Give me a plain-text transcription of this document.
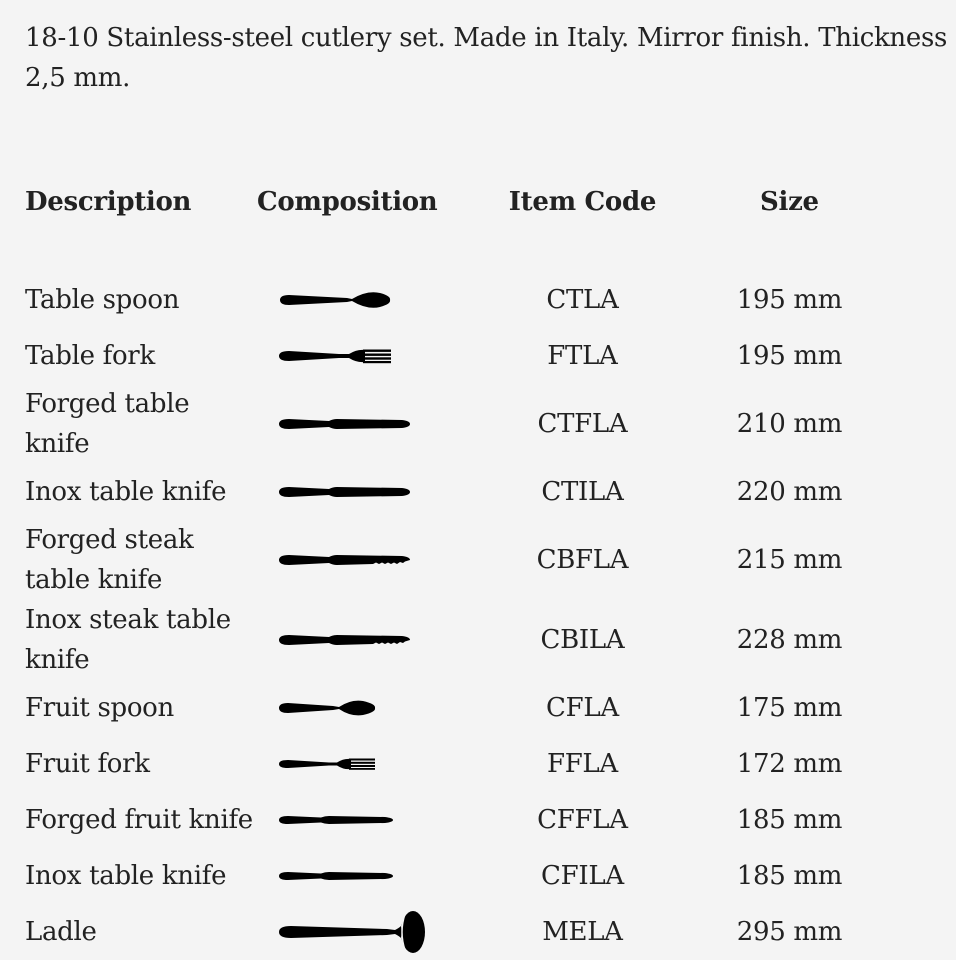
18-10 Stainless-steel cutlery set. Made in Italy. Mirror finish. Thickness 2,5 mm.

Description	Composition	Item Code	Size
Table spoon		CTLA	195 mm
Table fork		FTLA	195 mm
Forged table knife		CTFLA	210 mm
Inox table knife		CTILA	220 mm
Forged steak table knife		CBFLA	215 mm
Inox steak table knife		CBILA	228 mm
Fruit spoon		CFLA	175 mm
Fruit fork		FFLA	172 mm
Forged fruit knife		CFFLA	185 mm
Inox table knife		CFILA	185 mm
Ladle		MELA	295 mm
